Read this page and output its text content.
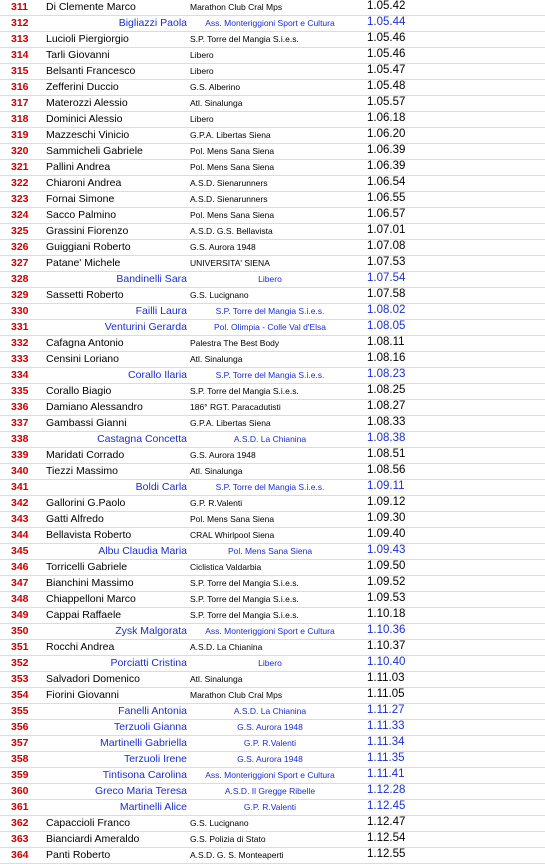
311 Di Clemente Marco	Marathon Club Cral Mps	1.05.42
312	Bigliazzi Paola	Ass. Monteriggioni Sport e Cultura	1.05.44
313 Lucioli Piergiorgio	S.P. Torre del Mangia S.i.e.s.	1.05.46
314 Tarli Giovanni	Libero	1.05.46
315 Belsanti Francesco	Libero	1.05.47
316 Zefferini Duccio	G.S. Alberino	1.05.48
317 Materozzi Alessio	Atl. Sinalunga	1.05.57
318 Dominici Alessio	Libero	1.06.18
319 Mazzeschi Vinicio	G.P.A. Libertas Siena	1.06.20
320 Sammicheli Gabriele	Pol. Mens Sana Siena	1.06.39
321 Pallini Andrea	Pol. Mens Sana Siena	1.06.39
322 Chiaroni Andrea	A.S.D. Sienarunners	1.06.54
323 Fornai Simone	A.S.D. Sienarunners	1.06.55
324 Sacco Palmino	Pol. Mens Sana Siena	1.06.57
325 Grassini Fiorenzo	A.S.D. G.S. Bellavista	1.07.01
326 Guiggiani Roberto	G.S. Aurora 1948	1.07.08
327 Patane' Michele	UNIVERSITA' SIENA	1.07.53
328	Bandinelli Sara	Libero	1.07.54
329 Sassetti Roberto	G.S. Lucignano	1.07.58
330	Failli Laura	S.P. Torre del Mangia S.i.e.s.	1.08.02
331	Venturini Gerarda	Pol. Olimpia - Colle Val d'Elsa	1.08.05
332 Cafagna Antonio	Palestra The Best Body	1.08.11
333 Censini Loriano	Atl. Sinalunga	1.08.16
334	Corallo Ilaria	S.P. Torre del Mangia S.i.e.s.	1.08.23
335 Corallo Biagio	S.P. Torre del Mangia S.i.e.s.	1.08.25
336 Damiano Alessandro	186° RGT. Paracadutisti	1.08.27
337 Gambassi Gianni	G.P.A. Libertas Siena	1.08.33
338	Castagna Concetta	A.S.D. La Chianina	1.08.38
339 Maridati Corrado	G.S. Aurora 1948	1.08.51
340 Tiezzi Massimo	Atl. Sinalunga	1.08.56
341	Boldi Carla	S.P. Torre del Mangia S.i.e.s.	1.09.11
342 Gallorini G.Paolo	G.P. R.Valenti	1.09.12
343 Gatti Alfredo	Pol. Mens Sana Siena	1.09.30
344 Bellavista Roberto	CRAL Whirlpool Siena	1.09.40
345	Albu Claudia Maria	Pol. Mens Sana Siena	1.09.43
346 Torricelli Gabriele	Ciclistica Valdarbia	1.09.50
347 Bianchini Massimo	S.P. Torre del Mangia S.i.e.s.	1.09.52
348 Chiappelloni Marco	S.P. Torre del Mangia S.i.e.s.	1.09.53
349 Cappai Raffaele	S.P. Torre del Mangia S.i.e.s.	1.10.18
350	Zysk Malgorata	Ass. Monteriggioni Sport e Cultura	1.10.36
351 Rocchi Andrea	A.S.D. La Chianina	1.10.37
352	Porciatti Cristina	Libero	1.10.40
353 Salvadori Domenico	Atl. Sinalunga	1.11.03
354 Fiorini Giovanni	Marathon Club Cral Mps	1.11.05
355	Fanelli Antonia	A.S.D. La Chianina	1.11.27
356	Terzuoli Gianna	G.S. Aurora 1948	1.11.33
357	Martinelli Gabriella	G.P. R.Valenti	1.11.34
358	Terzuoli Irene	G.S. Aurora 1948	1.11.35
359	Tintisona Carolina	Ass. Monteriggioni Sport e Cultura	1.11.41
360	Greco Maria Teresa	A.S.D. Il Gregge Ribelle	1.12.28
361	Martinelli Alice	G.P. R.Valenti	1.12.45
362 Capaccioli Franco	G.S. Lucignano	1.12.47
363 Bianciardi Ameraldo	G.S. Polizia di Stato	1.12.54
364 Panti Roberto	A.S.D. G. S. Monteaperti	1.12.55
